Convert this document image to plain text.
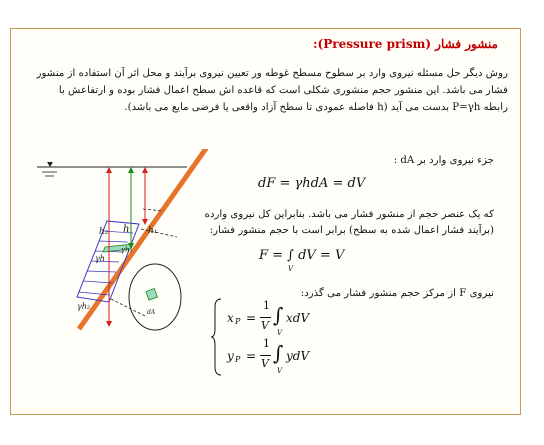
منشور فشار (Pressure prism):
روش دیگر حل مسئله نیروی وارد بر سطوح مسطح غوطه ور تعیین نیروی برآیند و محل اثر آن استفاده از منشور
فشار می باشد. این منشور حجم منشوری شکلی است که قاعده اش سطح اعمال فشار بوده و ارتفاعش با
رابطه P=γh بدست می آید (h فاصله عمودی تا سطح آزاد واقعی یا فرضی مایع می باشد).
h₂ h h₁
γh
γh₁
γh₂
dA
جزء نیروی وارد بر dA :
dF = γhdA = dV
که یک عنصر حجم از منشور فشار می باشد. بنابراین کل نیروی وارده
(برآیند فشار اعمال شده به سطح) برابر است با حجم منشور فشار:
F = ∫ dV = V
V
نیروی F از مرکز حجم منشور فشار می گذرد:
x P =
1
V ∫ xdV
V
y P =
1
V ∫ ydV
V
